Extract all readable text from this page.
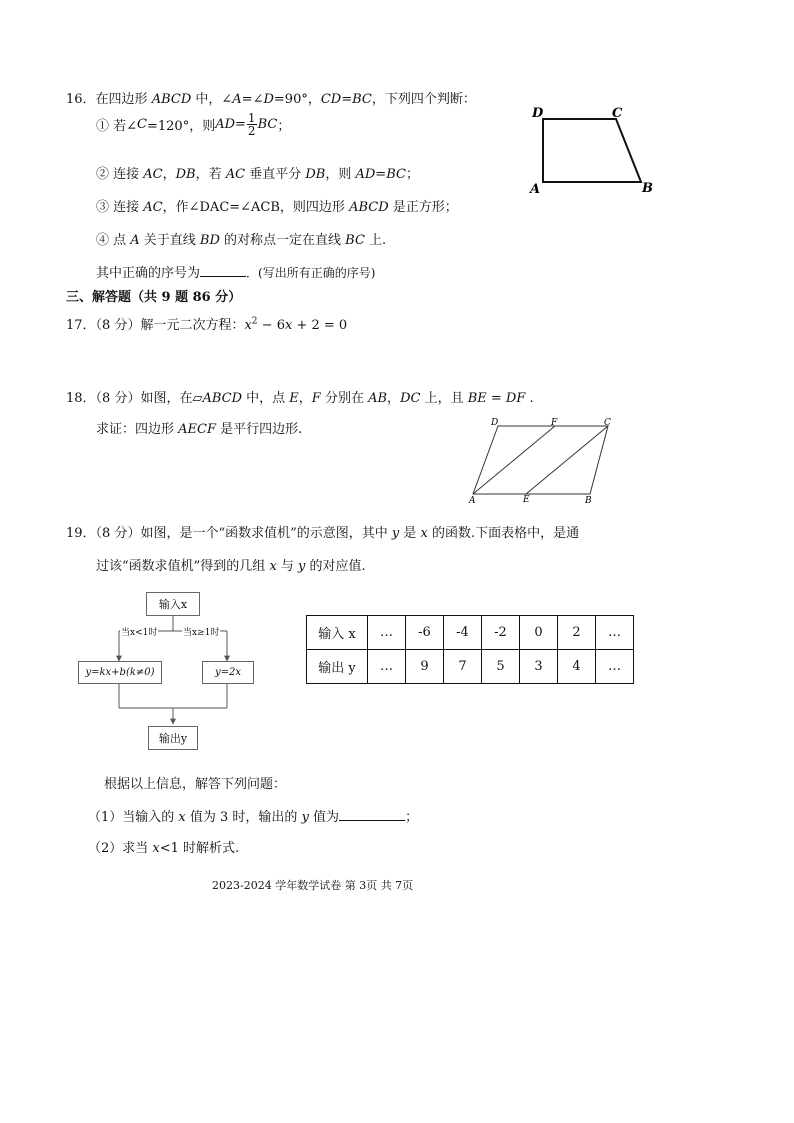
16．在四边形 ABCD 中，∠A=∠D=90°，CD=BC，下列四个判断：
① 若∠ C =120°，则 AD = $\frac{1}{2}$ BC ；
② 连接 AC，DB，若 AC 垂直平分 DB，则 AD=BC；
③ 连接 AC，作∠DAC=∠ACB，则四边形 ABCD 是正方形；
④ 点 A 关于直线 BD 的对称点一定在直线 BC 上.
其中正确的序号为	．(写出所有正确的序号)
D	C
A	B
三、解答题（共 9 题 86 分）
17．（8 分）解一元二次方程：$x^2 - 6x + 2 = 0$
18．（8 分）如图，在▱ABCD 中，点 E，F 分别在 AB，DC 上，且 BE = DF .
求证：四边形 AECF 是平行四边形.	D	F	C
A	E	B
19．（8 分）如图，是一个“函数求值机”的示意图，其中 y 是 x 的函数.下面表格中，是通
过该“函数求值机”得到的几组 x 与 y 的对应值.
输入x
当x<1时	当x≥1时
y=kx+b(k≠0)	y=2x
输出y
输入 x	…	-6	-4	-2	0	2	…
输出 y	…	9	7	5	3	4	…
根据以上信息，解答下列问题：
（1）当输入的 x 值为 3 时，输出的 y 值为	；
（2）求当 x<1 时解析式.
2023-2024 学年数学试卷 第 3页 共 7页
